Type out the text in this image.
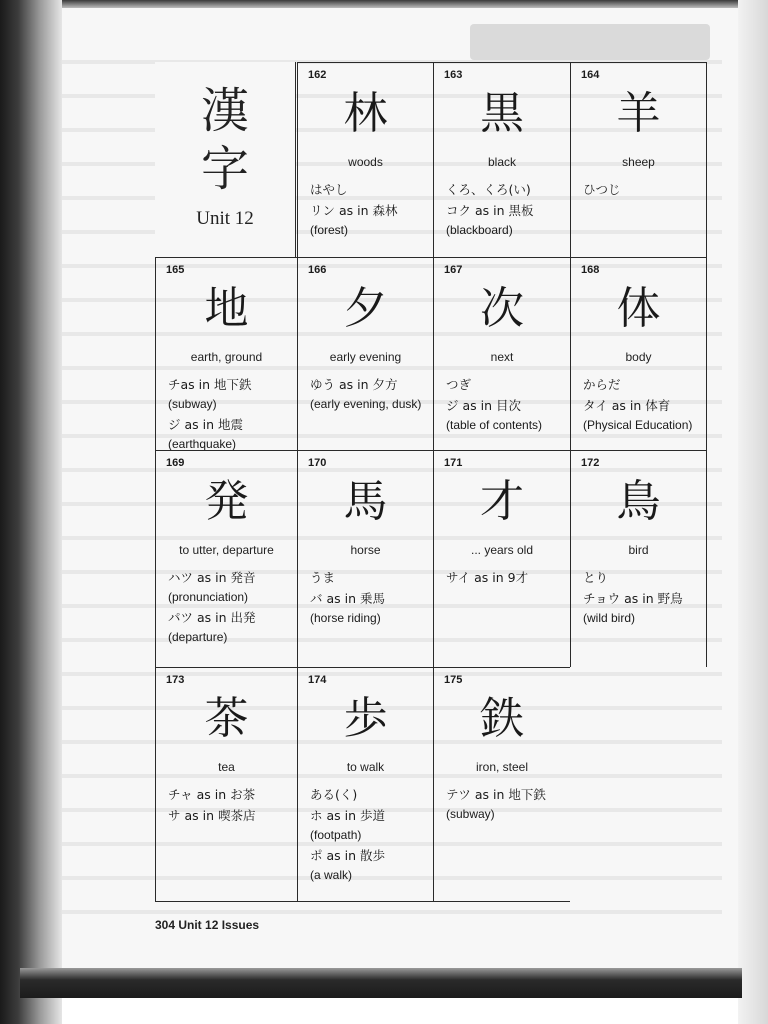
漢字
Unit 12
162
林
woods
はやし
リン as in 森林
(forest)
163
黒
black
くろ、くろ(い)
コク as in 黒板
(blackboard)
164
羊
sheep
ひつじ
165
地
earth, ground
チas in 地下鉄
(subway)
ジ as in 地震
(earthquake)
166
夕
early evening
ゆう as in 夕方
(early evening, dusk)
167
次
next
つぎ
ジ as in 目次
(table of contents)
168
体
body
からだ
タイ as in 体育
(Physical Education)
169
発
to utter, departure
ハツ as in 発音
(pronunciation)
パツ as in 出発
(departure)
170
馬
horse
うま
バ as in 乗馬
(horse riding)
171
才
... years old
サイ as in 9才
172
鳥
bird
とり
チョウ as in 野鳥
(wild bird)
173
茶
tea
チャ as in お茶
サ as in 喫茶店
174
歩
to walk
ある(く)
ホ as in 歩道
(footpath)
ポ as in 散歩
(a walk)
175
鉄
iron, steel
テツ as in 地下鉄
(subway)
304 Unit 12 Issues
